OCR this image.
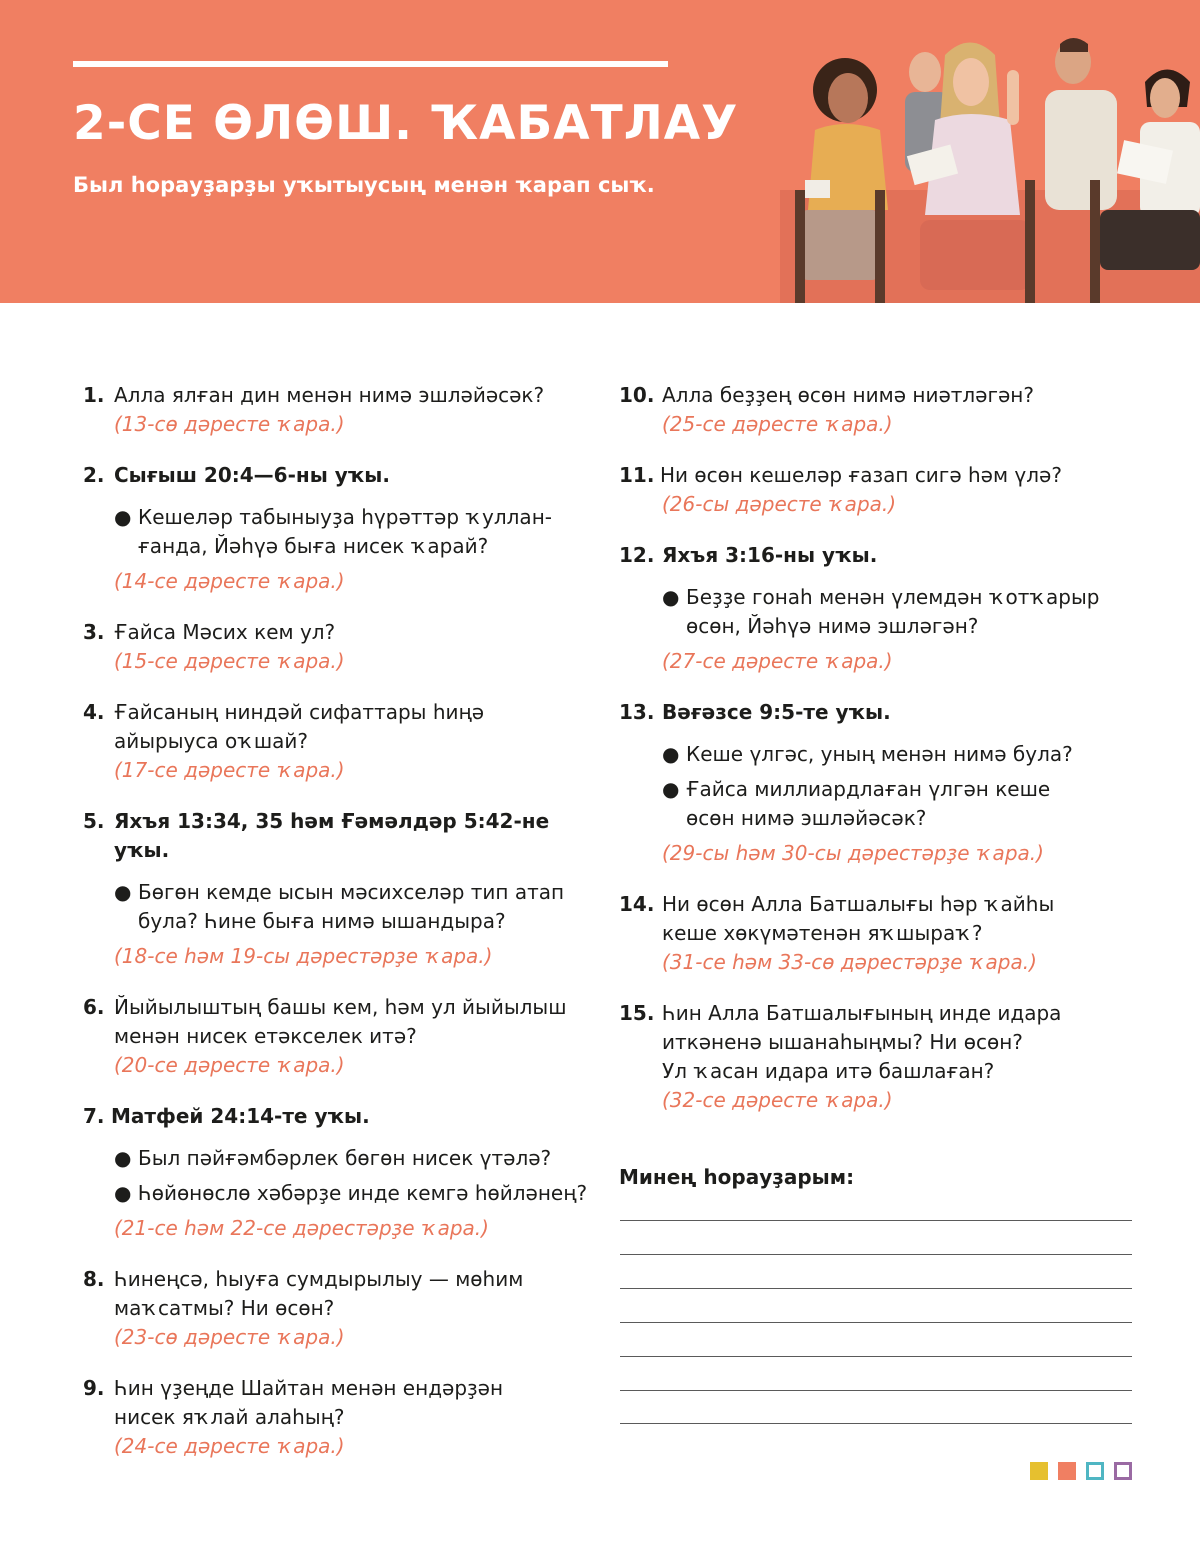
2-СЕ ӨЛӨШ. ҠАБАТЛАУ

Был һорауҙарҙы уҡытыусың менән ҡарап сыҡ.

1. Алла ялған дин менән нимә эшләйәсәк?
(13-сө дәресте ҡара.)
2. Сығыш 20:4—6-ны уҡы.
● Кешеләр табыныуҙа һүрәттәр ҡуллан-
ғанда, Йәһүә быға нисек ҡарай?
(14-се дәресте ҡара.)
3. Ғайса Мәсих кем ул?
(15-се дәресте ҡара.)
4. Ғайсаның ниндәй сифаттары һиңә
айырыуса оҡшай?
(17-се дәресте ҡара.)
5. Яхъя 13:34, 35 һәм Ғәмәлдәр 5:42-не уҡы.
● Бөгөн кемде ысын мәсихселәр тип атап
була? Һине быға нимә ышандыра?
(18-се һәм 19-сы дәрестәрҙе ҡара.)
6. Йыйылыштың башы кем, һәм ул йыйылыш
менән нисек етәкселек итә?
(20-се дәресте ҡара.)
7. Матфей 24:14-те уҡы.
● Был пәйғәмбәрлек бөгөн нисек үтәлә?
● Һөйөнөслө хәбәрҙе инде кемгә һөйләнең?
(21-се һәм 22-се дәрестәрҙе ҡара.)
8. Һинеңсә, һыуға сумдырылыу — мөһим
маҡсатмы? Ни өсөн?
(23-сө дәресте ҡара.)
9. Һин үҙеңде Шайтан менән ендәрҙән
нисек яҡлай алаһың?
(24-се дәресте ҡара.)
10. Алла беҙҙең өсөн нимә ниәтләгән?
(25-се дәресте ҡара.)
11. Ни өсөн кешеләр ғазап сигә һәм үлә?
(26-сы дәресте ҡара.)
12. Яхъя 3:16-ны уҡы.
● Беҙҙе гонаһ менән үлемдән ҡотҡарыр
өсөн, Йәһүә нимә эшләгән?
(27-се дәресте ҡара.)
13. Вәғәзсе 9:5-те уҡы.
● Кеше үлгәс, уның менән нимә була?
● Ғайса миллиардлаған үлгән кеше
өсөн нимә эшләйәсәк?
(29-сы һәм 30-сы дәрестәрҙе ҡара.)
14. Ни өсөн Алла Батшалығы һәр ҡайһы
кеше хөкүмәтенән яҡшыраҡ?
(31-се һәм 33-сө дәрестәрҙе ҡара.)
15. Һин Алла Батшалығының инде идара
иткәненә ышанаһыңмы? Ни өсөн?
Ул ҡасан идара итә башлаған?
(32-се дәресте ҡара.)

Минең һорауҙарым:
